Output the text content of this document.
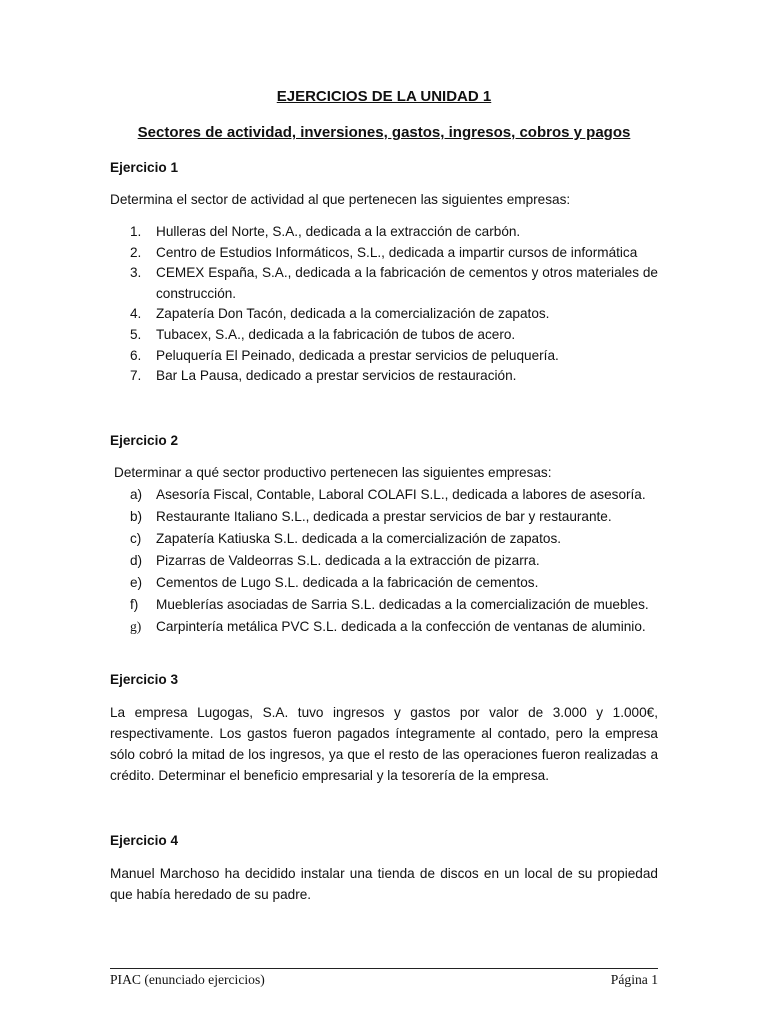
EJERCICIOS DE LA UNIDAD 1
Sectores de actividad, inversiones, gastos, ingresos, cobros y pagos
Ejercicio 1
Determina el sector de actividad al que pertenecen las siguientes empresas:
1. Hulleras del Norte, S.A., dedicada a la extracción de carbón.
2. Centro de Estudios Informáticos, S.L., dedicada a impartir cursos de informática
3. CEMEX España, S.A., dedicada a la fabricación de cementos y otros materiales de construcción.
4. Zapatería Don Tacón, dedicada a la comercialización de zapatos.
5. Tubacex, S.A., dedicada a la fabricación de tubos de acero.
6. Peluquería El Peinado, dedicada a prestar servicios de peluquería.
7. Bar La Pausa, dedicado a prestar servicios de restauración.
Ejercicio 2
Determinar a qué sector productivo pertenecen las siguientes empresas:
a) Asesoría Fiscal, Contable, Laboral COLAFI S.L., dedicada a labores de asesoría.
b) Restaurante Italiano S.L., dedicada a prestar servicios de bar y restaurante.
c) Zapatería Katiuska S.L. dedicada a la comercialización de zapatos.
d) Pizarras de Valdeorras S.L. dedicada a la extracción de pizarra.
e) Cementos de Lugo S.L. dedicada a la fabricación de cementos.
f) Mueblerías asociadas de Sarria S.L. dedicadas a la comercialización de muebles.
g) Carpintería metálica PVC S.L. dedicada a la confección de ventanas de aluminio.
Ejercicio 3
La empresa Lugogas, S.A. tuvo ingresos y gastos por valor de 3.000 y 1.000€, respectivamente. Los gastos fueron pagados íntegramente al contado, pero la empresa sólo cobró la mitad de los ingresos, ya que el resto de las operaciones fueron realizadas a crédito. Determinar el beneficio empresarial y la tesorería de la empresa.
Ejercicio 4
Manuel Marchoso ha decidido instalar una tienda de discos en un local de su propiedad que había heredado de su padre.
PIAC (enunciado ejercicios)	Página 1
